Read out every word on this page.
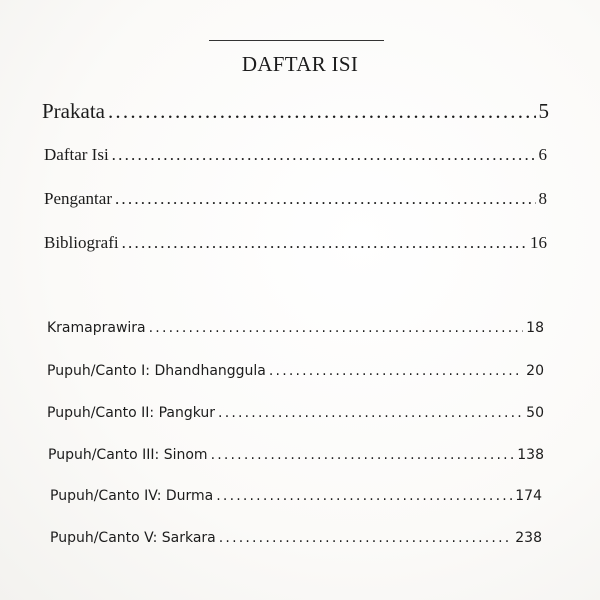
DAFTAR ISI
Prakata .....	5
Daftar Isi .....	6
Pengantar .....	8
Bibliografi .....	16
Kramaprawira .....	18
Pupuh/Canto I: Dhandhanggula .....	20
Pupuh/Canto II: Pangkur .....	50
Pupuh/Canto III: Sinom .....	138
Pupuh/Canto IV: Durma .....	174
Pupuh/Canto V: Sarkara .....	238
